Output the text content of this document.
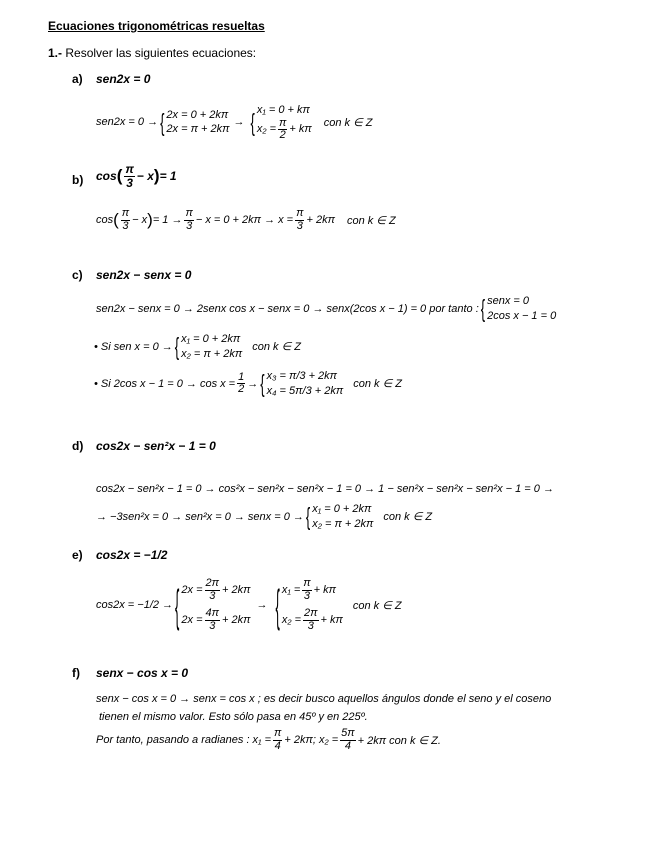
Ecuaciones trigonométricas resueltas
1.- Resolver las siguientes ecuaciones:
a) sen2x = 0
sen2x = 0 → { 2x = 0 + 2kπ
2x = π + 2kπ
→ { x₁ = 0 + kπ
$x_2 = \frac{\pi}{2} + k\pi$
con k ∈ Z
b) cos ( $\frac{\pi}{3} - x$ ) = 1
cos ( $\frac{\pi}{3} - x$ ) = $1 \to \frac{\pi}{3} - x = 0 + 2k\pi \to x = \frac{\pi}{3} + 2k\pi$ con k ∈ Z
c) sen2x − senx = 0
sen2x − senx = 0 → 2senx cos x − senx = 0 → senx(2cos x − 1) = 0 por tanto : { senx = 0
2cos x − 1 = 0
• Si sen x = 0 → { x₁ = 0 + 2kπ
x₂ = π + 2kπ
con k ∈ Z
• Si 2cos $x - 1 = 0 \to \cos x = \frac{1}{2}$ → { x₃ = π/3 + 2kπ
x₄ = 5π/3 + 2kπ
con k ∈ Z
d) cos2x − sen²x − 1 = 0
cos2x − sen²x − 1 = 0 → cos²x − sen²x − sen²x − 1 = 0 → 1 − sen²x − sen²x − sen²x − 1 = 0 →
→ −3sen²x = 0 → sen²x = 0 → senx = 0 → { x₁ = 0 + 2kπ
x₂ = π + 2kπ
con k ∈ Z
e) cos2x = −1/2
cos2x = −1/2 → { $2x = \frac{2\pi}{3} + 2k\pi$
$2x = \frac{4\pi}{3} + 2k\pi$
→ { $x_1 = \frac{\pi}{3} + k\pi$
$x_2 = \frac{2\pi}{3} + k\pi$
con k ∈ Z
f) senx − cos x = 0
senx − cos x = 0 → senx = cos x ; es decir busco aquellos ángulos donde el seno y el coseno
tienen el mismo valor. Esto sólo pasa en 45º y en 225º.
Por tanto, pasando a radianes : $x_1 = \frac{\pi}{4} + 2k\pi$; $x_2 = \frac{5\pi}{4} + 2k\pi$ con k ∈ Z.
